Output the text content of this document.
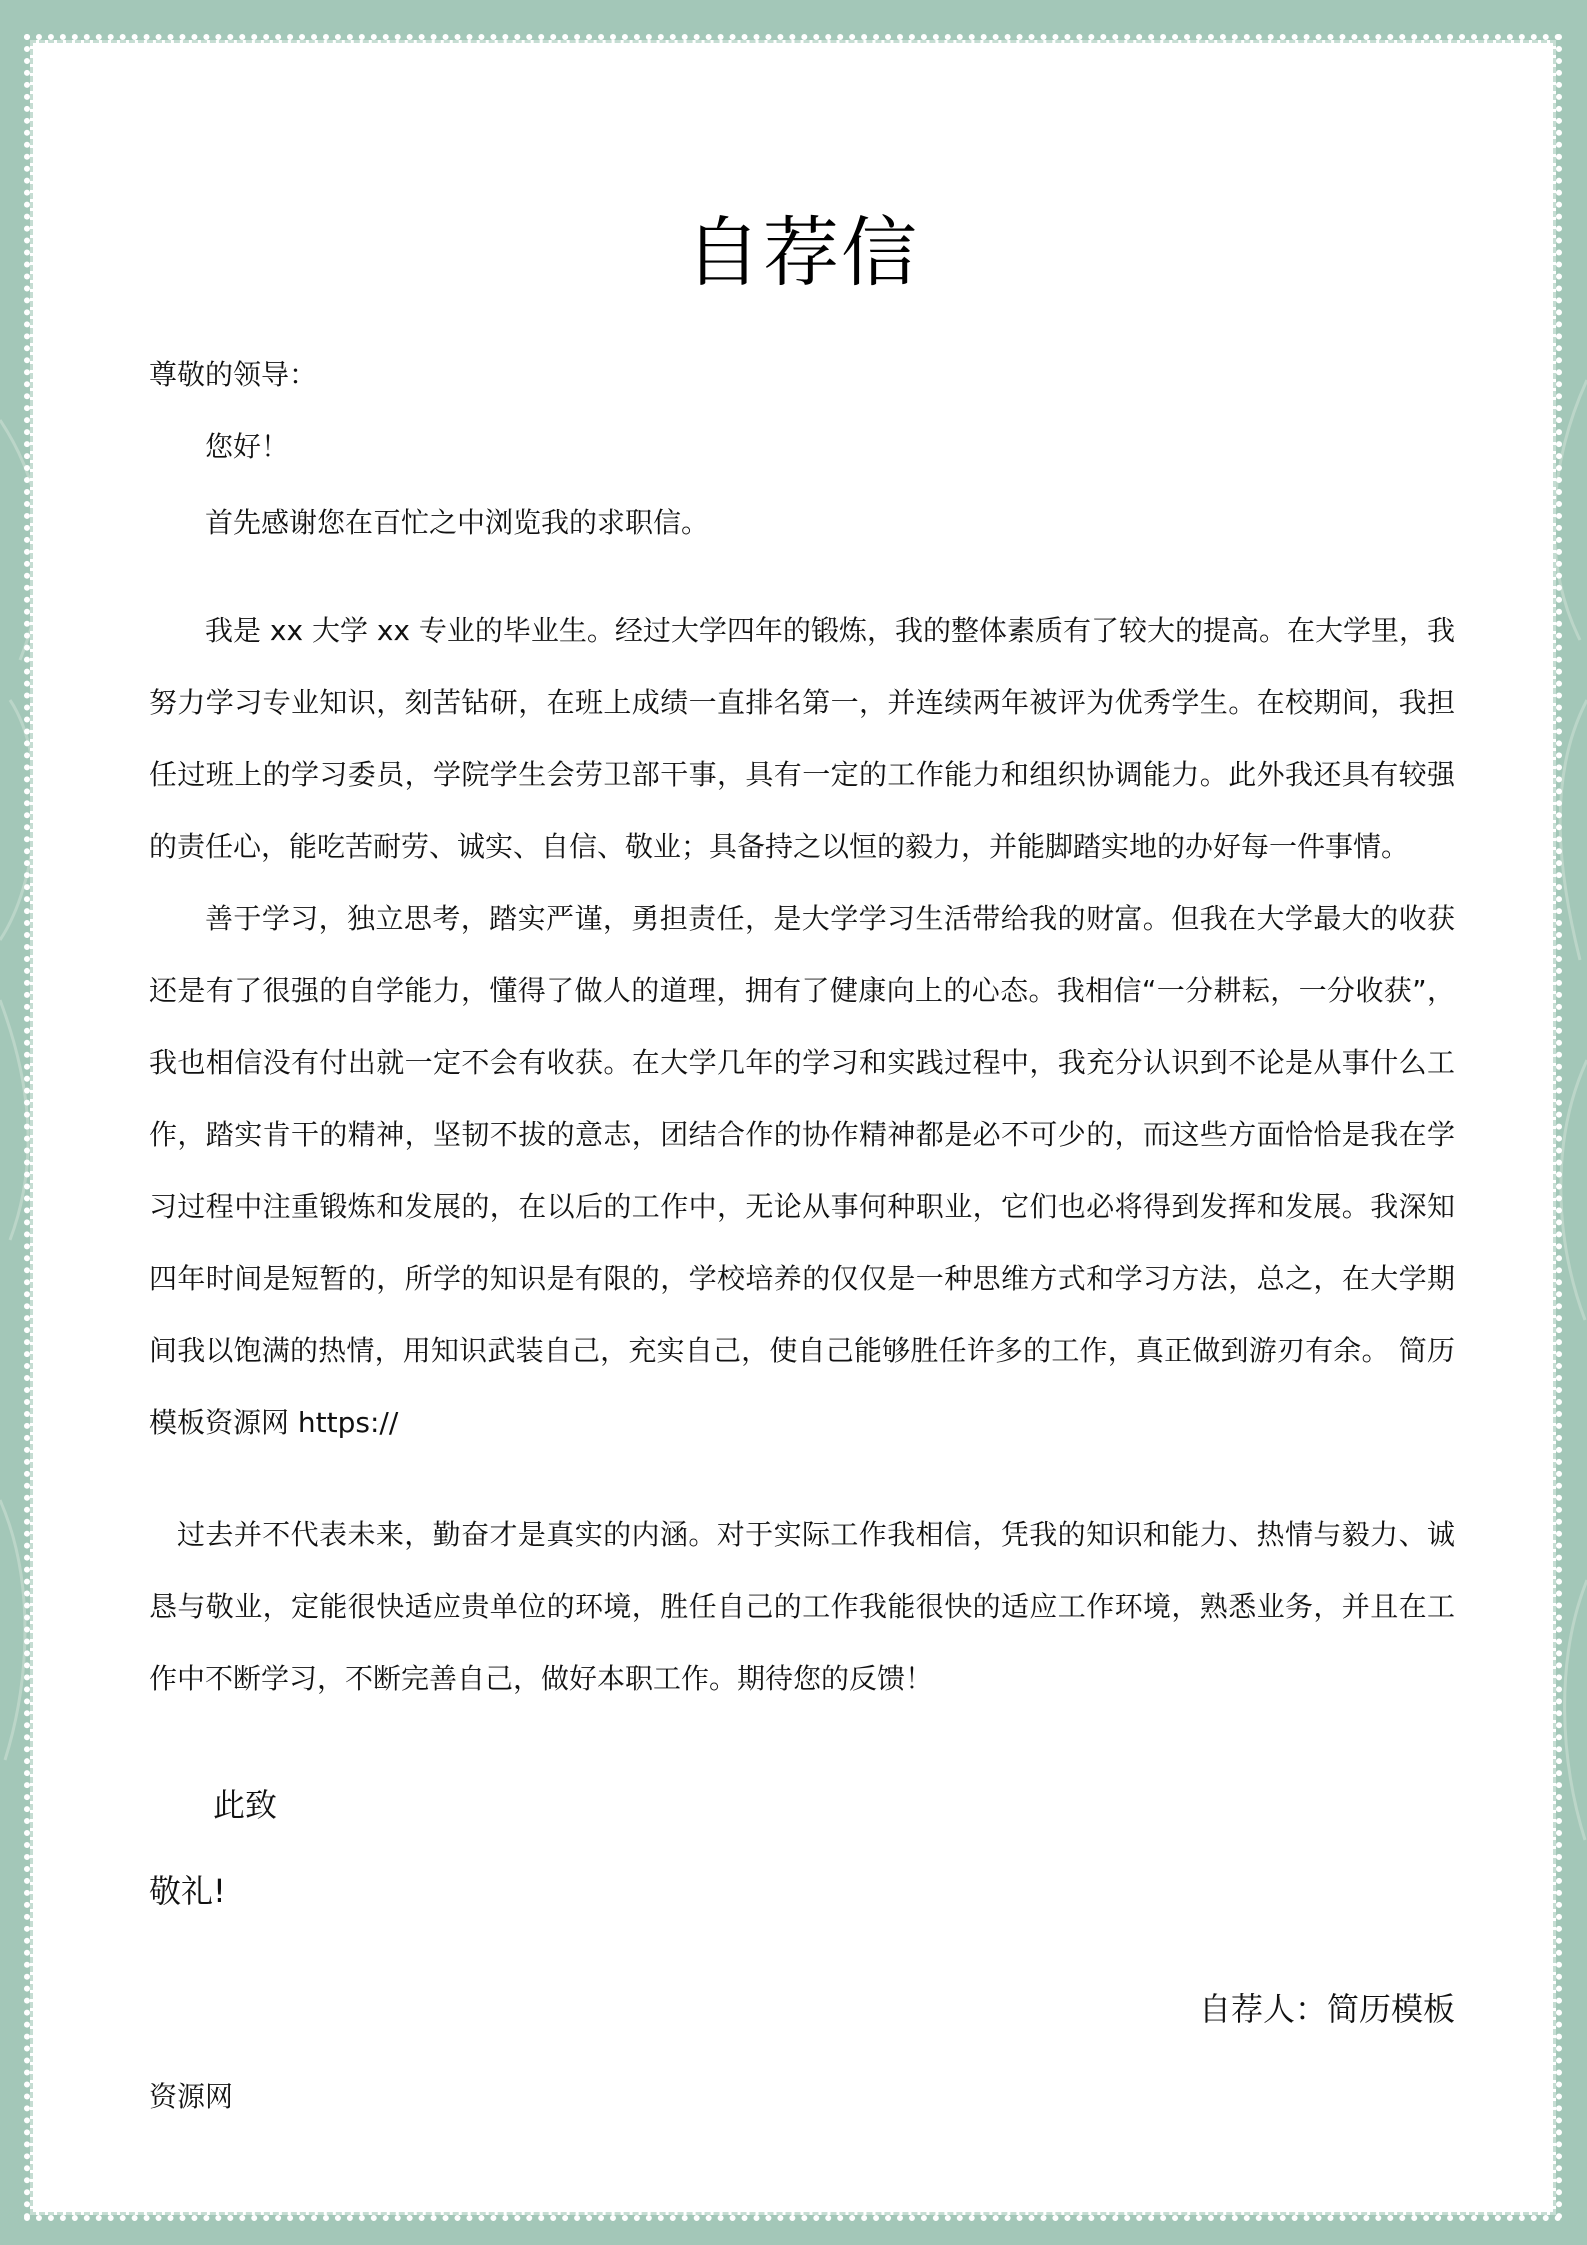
自荐信
尊敬的领导：
您好！

首先感谢您在百忙之中浏览我的求职信。

我是 xx 大学 xx 专业的毕业生。经过大学四年的锻炼，我的整体素质有了较大的提高。在大学里，我努力学习专业知识，刻苦钻研，在班上成绩一直排名第一，并连续两年被评为优秀学生。在校期间，我担任过班上的学习委员，学院学生会劳卫部干事，具有一定的工作能力和组织协调能力。此外我还具有较强的责任心，能吃苦耐劳、诚实、自信、敬业；具备持之以恒的毅力，并能脚踏实地的办好每一件事情。

善于学习，独立思考，踏实严谨，勇担责任，是大学学习生活带给我的财富。但我在大学最大的收获还是有了很强的自学能力，懂得了做人的道理，拥有了健康向上的心态。我相信“一分耕耘，一分收获”，我也相信没有付出就一定不会有收获。在大学几年的学习和实践过程中，我充分认识到不论是从事什么工作，踏实肯干的精神，坚韧不拔的意志，团结合作的协作精神都是必不可少的，而这些方面恰恰是我在学习过程中注重锻炼和发展的，在以后的工作中，无论从事何种职业，它们也必将得到发挥和发展。我深知四年时间是短暂的，所学的知识是有限的，学校培养的仅仅是一种思维方式和学习方法，总之，在大学期间我以饱满的热情，用知识武装自己，充实自己，使自己能够胜任许多的工作，真正做到游刃有余。 简历模板资源网 https://

过去并不代表未来，勤奋才是真实的内涵。对于实际工作我相信，凭我的知识和能力、热情与毅力、诚恳与敬业，定能很快适应贵单位的环境，胜任自己的工作我能很快的适应工作环境，熟悉业务，并且在工作中不断学习，不断完善自己，做好本职工作。期待您的反馈！

此致
敬礼!
自荐人：简历模板
资源网
